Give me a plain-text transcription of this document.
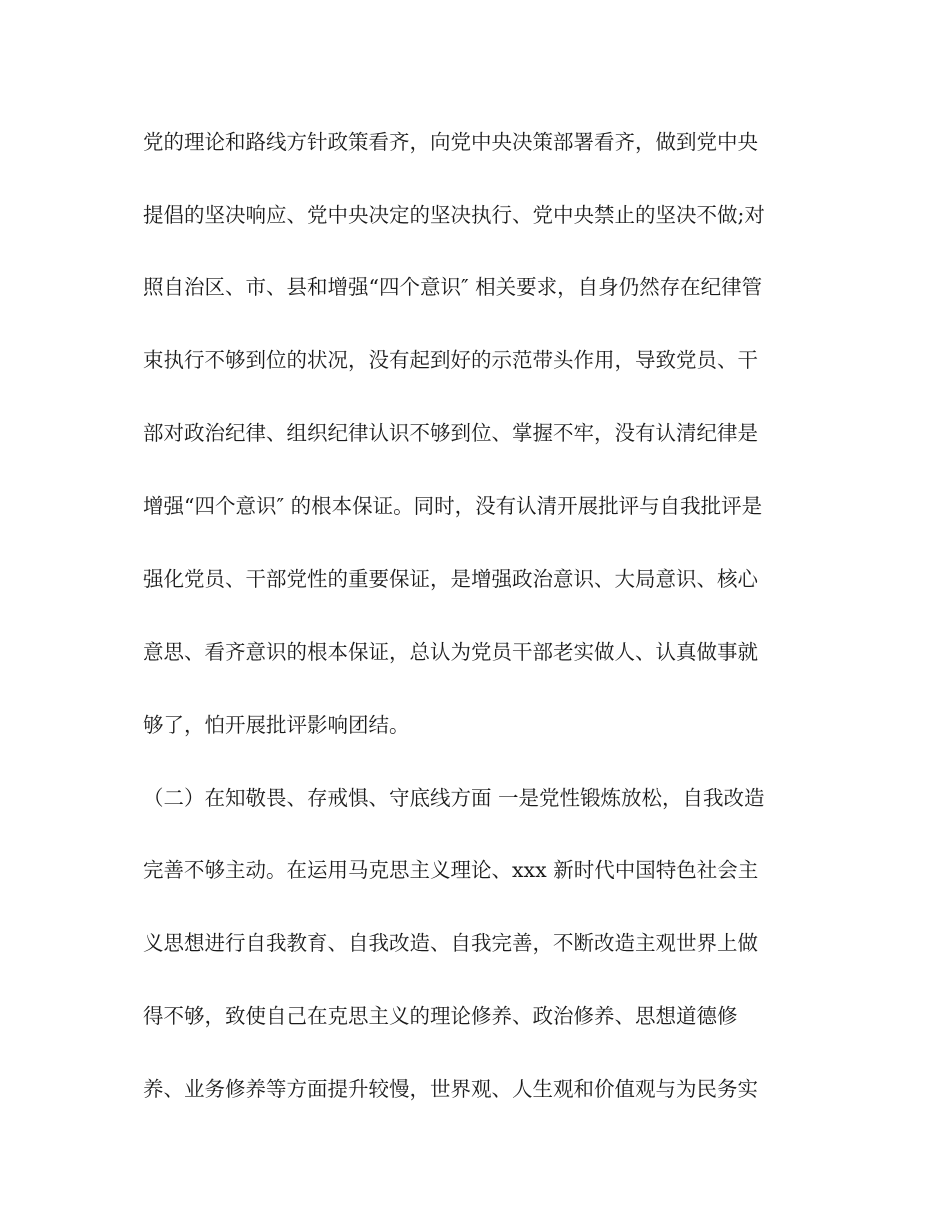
党的理论和路线方针政策看齐，向党中央决策部署看齐，做到党中央
提倡的坚决响应、党中央决定的坚决执行、党中央禁止的坚决不做;对
照自治区、市、县和增强“四个意识″ 相关要求，自身仍然存在纪律管
束执行不够到位的状况，没有起到好的示范带头作用，导致党员、干
部对政治纪律、组织纪律认识不够到位、掌握不牢，没有认清纪律是
增强“四个意识″ 的根本保证。同时，没有认清开展批评与自我批评是
强化党员、干部党性的重要保证，是增强政治意识、大局意识、核心
意思、看齐意识的根本保证，总认为党员干部老实做人、认真做事就
够了，怕开展批评影响团结。
（二）在知敬畏、存戒惧、守底线方面 一是党性锻炼放松，自我改造
完善不够主动。在运用马克思主义理论、xxx 新时代中国特色社会主
义思想进行自我教育、自我改造、自我完善，不断改造主观世界上做
得不够，致使自己在克思主义的理论修养、政治修养、思想道德修
养、业务修养等方面提升较慢，世界观、人生观和价值观与为民务实
